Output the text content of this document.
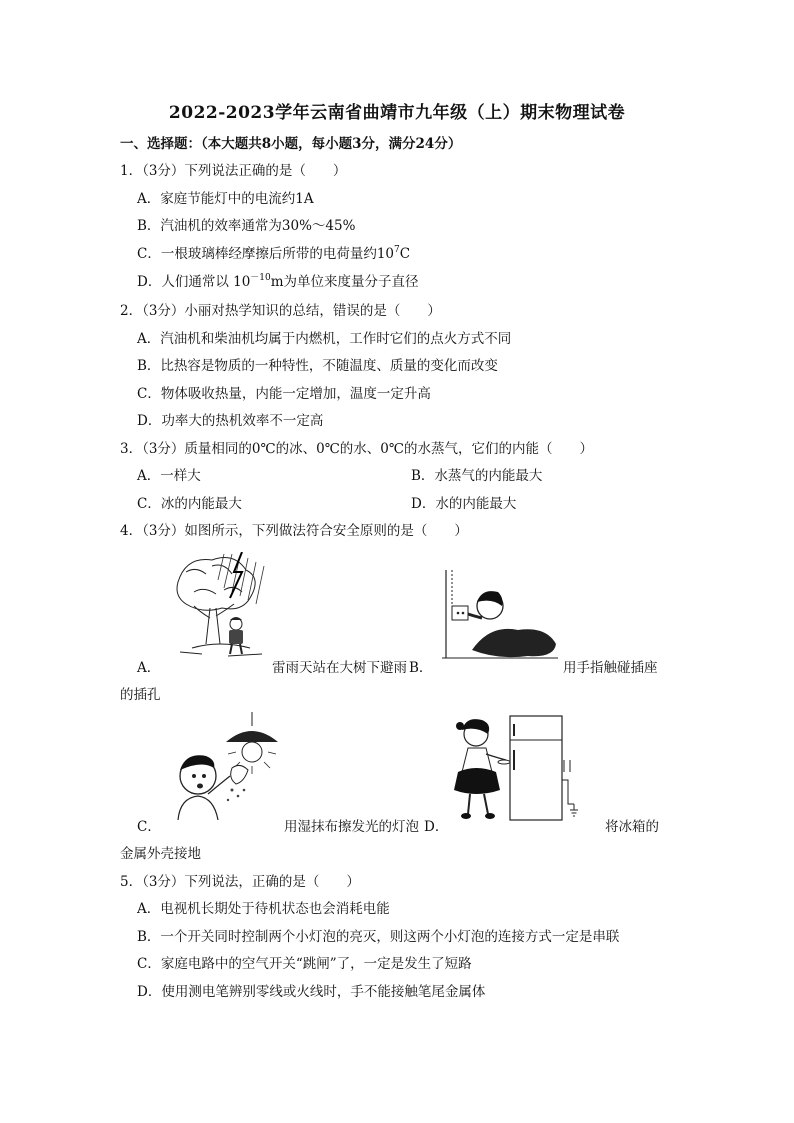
2022-2023学年云南省曲靖市九年级（上）期末物理试卷
一、选择题：（本大题共8小题，每小题3分，满分24分）
1．（3分）下列说法正确的是（　　）
A．家庭节能灯中的电流约1A
B．汽油机的效率通常为30%～45%
C．一根玻璃棒经摩擦后所带的电荷量约$10^7C$
D．人们通常以 $10^{-10}m$为单位来度量分子直径
2．（3分）小丽对热学知识的总结，错误的是（　　）
A．汽油机和柴油机均属于内燃机，工作时它们的点火方式不同
B．比热容是物质的一种特性，不随温度、质量的变化而改变
C．物体吸收热量，内能一定增加，温度一定升高
D．功率大的热机效率不一定高
3．（3分）质量相同的0℃的冰、0℃的水、0℃的水蒸气，它们的内能（　　）
A．一样大	B．水蒸气的内能最大
C．冰的内能最大	D．水的内能最大
4．（3分）如图所示，下列做法符合安全原则的是（　　）
A．	雷雨天站在大树下避雨 B．	用手指触碰插座
的插孔
C．	用湿抹布擦发光的灯泡 D．	将冰箱的
金属外壳接地
5．（3分）下列说法，正确的是（　　）
A．电视机长期处于待机状态也会消耗电能
B．一个开关同时控制两个小灯泡的亮灭，则这两个小灯泡的连接方式一定是串联
C．家庭电路中的空气开关“跳闸”了，一定是发生了短路
D．使用测电笔辨别零线或火线时，手不能接触笔尾金属体
